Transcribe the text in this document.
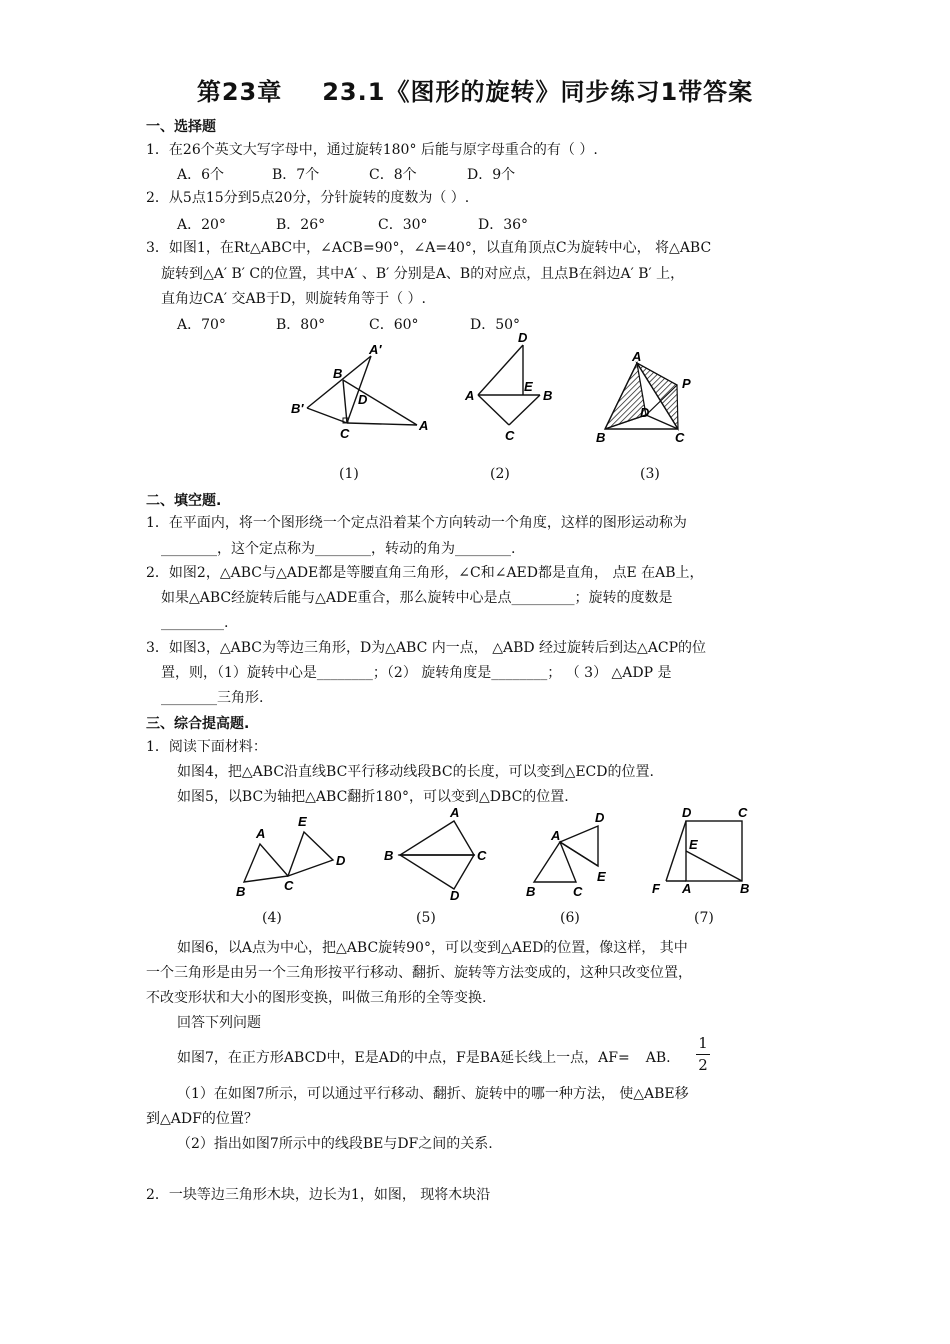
第23章 23.1《图形的旋转》同步练习1带答案
一、选择题
1．在26个英文大写字母中，通过旋转180° 后能与原字母重合的有（ ）.
A．6个	B．7个	C．8个	D．9个
2．从5点15分到5点20分，分针旋转的度数为（ ）.
A．20°	B．26°	C．30°	D．36°
3．如图1，在Rt△ABC中，∠ACB=90°，∠A=40°，以直角顶点C为旋转中心， 将△ABC
旋转到△A′ B′ C的位置，其中A′ 、B′ 分别是A、B的对应点，且点B在斜边A′ B′ 上，
直角边CA′ 交AB于D，则旋转角等于（ ）.
A．70°	B．80°	C．60°	D．50°
A′
B
B′
D
C
A
D
E
A	B
C
A
P
D
B	C
(1)	(2)	(3)
二、填空题.
1．在平面内，将一个图形绕一个定点沿着某个方向转动一个角度，这样的图形运动称为
________，这个定点称为________，转动的角为________.
2．如图2，△ABC与△ADE都是等腰直角三角形，∠C和∠AED都是直角， 点E 在AB上，
如果△ABC经旋转后能与△ADE重合，那么旋转中心是点_________；旋转的度数是
_________.
3．如图3，△ABC为等边三角形，D为△ABC 内一点， △ABD 经过旋转后到达△ACP的位
置，则，（1）旋转中心是________；（2） 旋转角度是________； （ 3） △ADP 是
________三角形.
三、综合提高题.
1．阅读下面材料：
如图4，把△ABC沿直线BC平行移动线段BC的长度，可以变到△ECD的位置.
如图5，以BC为轴把△ABC翻折180°，可以变到△DBC的位置.
A
E
D
B	C
A
B	C
D
A
D
B	C
E
D	C
E
F A	B
(4)	(5)	(6)	(7)
如图6，以A点为中心，把△ABC旋转90°，可以变到△AED的位置，像这样， 其中
一个三角形是由另一个三角形按平行移动、翻折、旋转等方法变成的，这种只改变位置，
不改变形状和大小的图形变换，叫做三角形的全等变换.
回答下列问题
如图7，在正方形ABCD中，E是AD的中点，F是BA延长线上一点，AF= AB.
1
2
（1）在如图7所示，可以通过平行移动、翻折、旋转中的哪一种方法， 使△ABE移
到△ADF的位置？
（2）指出如图7所示中的线段BE与DF之间的关系.
2．一块等边三角形木块，边长为1，如图， 现将木块沿
